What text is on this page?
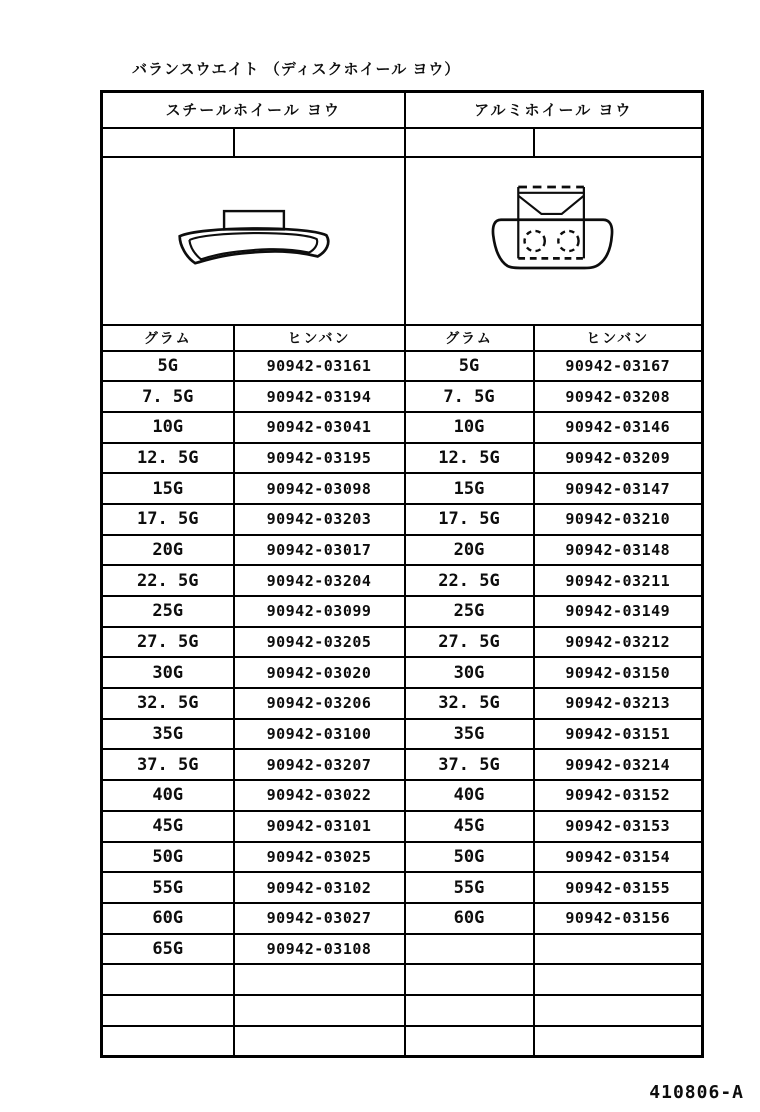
バランスウエイト （ディスクホイール ヨウ）
スチールホイール ヨウ		アルミホイール ヨウ	

グラム	ヒンバン	グラム	ヒンバン
5G	90942-03161	5G	90942-03167
7. 5G	90942-03194	7. 5G	90942-03208
10G	90942-03041	10G	90942-03146
12. 5G	90942-03195	12. 5G	90942-03209
15G	90942-03098	15G	90942-03147
17. 5G	90942-03203	17. 5G	90942-03210
20G	90942-03017	20G	90942-03148
22. 5G	90942-03204	22. 5G	90942-03211
25G	90942-03099	25G	90942-03149
27. 5G	90942-03205	27. 5G	90942-03212
30G	90942-03020	30G	90942-03150
32. 5G	90942-03206	32. 5G	90942-03213
35G	90942-03100	35G	90942-03151
37. 5G	90942-03207	37. 5G	90942-03214
40G	90942-03022	40G	90942-03152
45G	90942-03101	45G	90942-03153
50G	90942-03025	50G	90942-03154
55G	90942-03102	55G	90942-03155
60G	90942-03027	60G	90942-03156
65G	90942-03108		

410806-A
